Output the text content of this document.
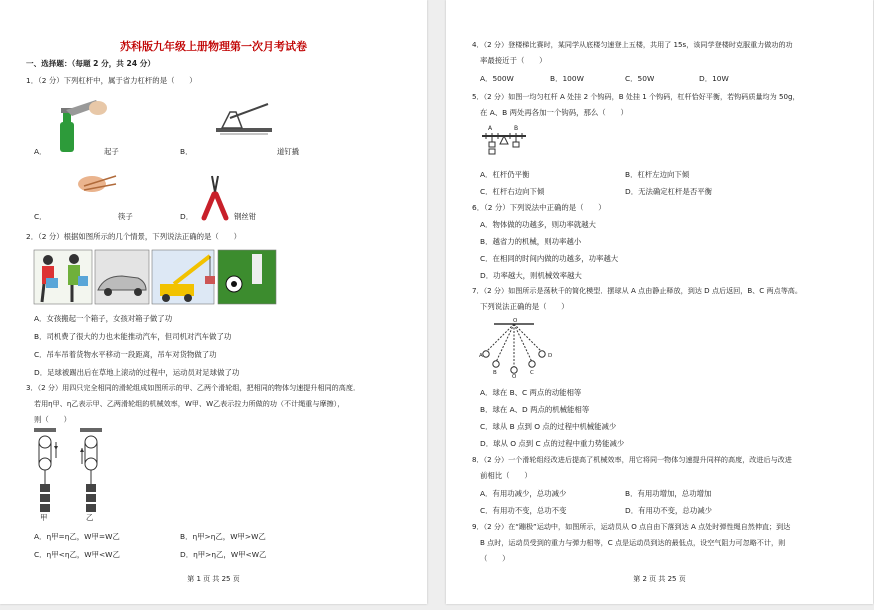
苏科版九年级上册物理第一次月考试卷
一、选择题：（每题 2 分，共 24 分）
1．（2 分）下列杠杆中，属于省力杠杆的是（　　）
A．	起子	B．	道钉撬
C．	筷子	D．	钢丝钳
2．（2 分）根据如图所示的几个情景，下列说法正确的是（　　）
A．女孩搬起一个箱子，女孩对箱子做了功
B．司机费了很大的力也未能推动汽车，但司机对汽车做了功
C．吊车吊着货物水平移动一段距离，吊车对货物做了功
D．足球被踢出后在草地上滚动的过程中，运动员对足球做了功
3．（2 分）用四只完全相同的滑轮组成如图所示的甲、乙两个滑轮组，把相同的物体匀速提升相同的高度．
若用η甲、η乙表示甲、乙两滑轮组的机械效率，W甲、W乙表示拉力所做的功（不计绳重与摩擦），
则（　　）
甲	乙
A．η甲=η乙，W甲=W乙	B．η甲>η乙，W甲>W乙
C．η甲<η乙，W甲<W乙	D．η甲>η乙，W甲<W乙
第 1 页 共 25 页
4．（2 分）登楼梯比赛时，某同学从底楼匀速登上五楼，共用了 15s，该同学登楼时克服重力做功的功
率最接近于（　　）
A．500W	B．100W	C．50W	D．10W
5．（2 分）如图一均匀杠杆 A 处挂 2 个钩码，B 处挂 1 个钩码，杠杆恰好平衡，若钩码质量均为 50g，
在 A、B 两处再各加一个钩码，那么（　　）
A	B
A．杠杆仍平衡	B．杠杆左边向下倾
C．杠杆右边向下倾	D．无法确定杠杆是否平衡
6．（2 分）下列说法中正确的是（　　）
A．物体做的功越多，则功率就越大
B．越省力的机械，则功率越小
C．在相同的时间内做的功越多，功率越大
D．功率越大，则机械效率越大
7．（2 分）如图所示是荡秋千的简化模型．摆球从 A 点由静止释放，到达 D 点后返回，B、C 两点等高。
下列说法正确的是（　　）
O
A
B
O
C
D
A．球在 B、C 两点的动能相等
B．球在 A、D 两点的机械能相等
C．球从 B 点到 O 点的过程中机械能减少
D．球从 O 点到 C 点的过程中重力势能减少
8．（2 分）一个滑轮组经改进后提高了机械效率，用它将同一物体匀速提升同样的高度，改进后与改进
前相比（　　）
A．有用功减少，总功减少	B．有用功增加，总功增加
C．有用功不变，总功不变	D．有用功不变，总功减少
9．（2 分）在“蹦极”运动中，如图所示，运动员从 O 点自由下落到达 A 点处时弹性绳自然伸直；到达
B 点时，运动员受到的重力与弹力相等，C 点是运动员到达的最低点，设空气阻力可忽略不计，则
（　　）
第 2 页 共 25 页
